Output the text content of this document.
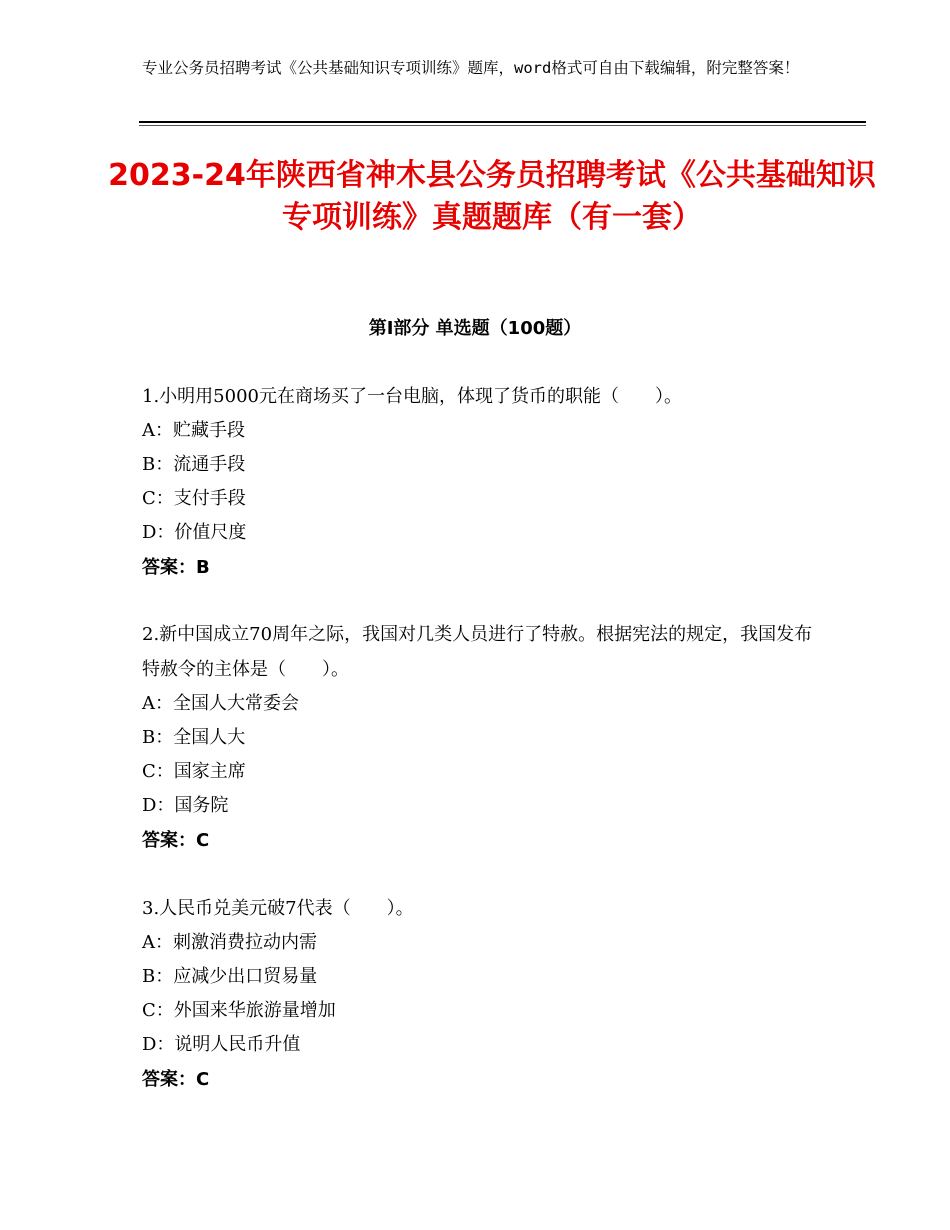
专业公务员招聘考试《公共基础知识专项训练》题库，word格式可自由下载编辑，附完整答案！
2023-24年陕西省神木县公务员招聘考试《公共基础知识专项训练》真题题库（有一套）
第Ⅰ部分 单选题（100题）
1.小明用5000元在商场买了一台电脑，体现了货币的职能（　　）。
A：贮藏手段
B：流通手段
C：支付手段
D：价值尺度
答案：B
2.新中国成立70周年之际，我国对几类人员进行了特赦。根据宪法的规定，我国发布特赦令的主体是（　　）。
A：全国人大常委会
B：全国人大
C：国家主席
D：国务院
答案：C
3.人民币兑美元破7代表（　　）。
A：刺激消费拉动内需
B：应减少出口贸易量
C：外国来华旅游量增加
D：说明人民币升值
答案：C
